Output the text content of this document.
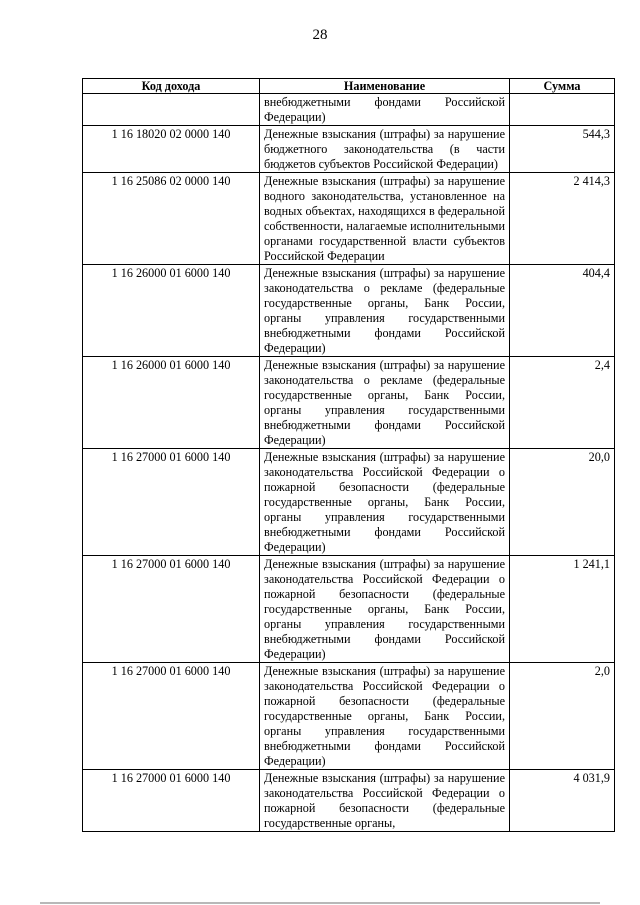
28
Код дохода	Наименование	Сумма
	внебюджетными фондами Российской Федерации)	
1 16 18020 02 0000 140	Денежные взыскания (штрафы) за нарушение бюджетного законодательства (в части бюджетов субъектов Российской Федерации)	544,3
1 16 25086 02 0000 140	Денежные взыскания (штрафы) за нарушение водного законодательства, установленное на водных объектах, находящихся в федеральной собственности, налагаемые исполнительными органами государственной власти субъектов Российской Федерации	2 414,3
1 16 26000 01 6000 140	Денежные взыскания (штрафы) за нарушение законодательства о рекламе (федеральные государственные органы, Банк России, органы управления государственными внебюджетными фондами Российской Федерации)	404,4
1 16 26000 01 6000 140	Денежные взыскания (штрафы) за нарушение законодательства о рекламе (федеральные государственные органы, Банк России, органы управления государственными внебюджетными фондами Российской Федерации)	2,4
1 16 27000 01 6000 140	Денежные взыскания (штрафы) за нарушение законодательства Российской Федерации о пожарной безопасности (федеральные государственные органы, Банк России, органы управления государственными внебюджетными фондами Российской Федерации)	20,0
1 16 27000 01 6000 140	Денежные взыскания (штрафы) за нарушение законодательства Российской Федерации о пожарной безопасности (федеральные государственные органы, Банк России, органы управления государственными внебюджетными фондами Российской Федерации)	1 241,1
1 16 27000 01 6000 140	Денежные взыскания (штрафы) за нарушение законодательства Российской Федерации о пожарной безопасности (федеральные государственные органы, Банк России, органы управления государственными внебюджетными фондами Российской Федерации)	2,0
1 16 27000 01 6000 140	Денежные взыскания (штрафы) за нарушение законодательства Российской Федерации о пожарной безопасности (федеральные государственные органы,	4 031,9
